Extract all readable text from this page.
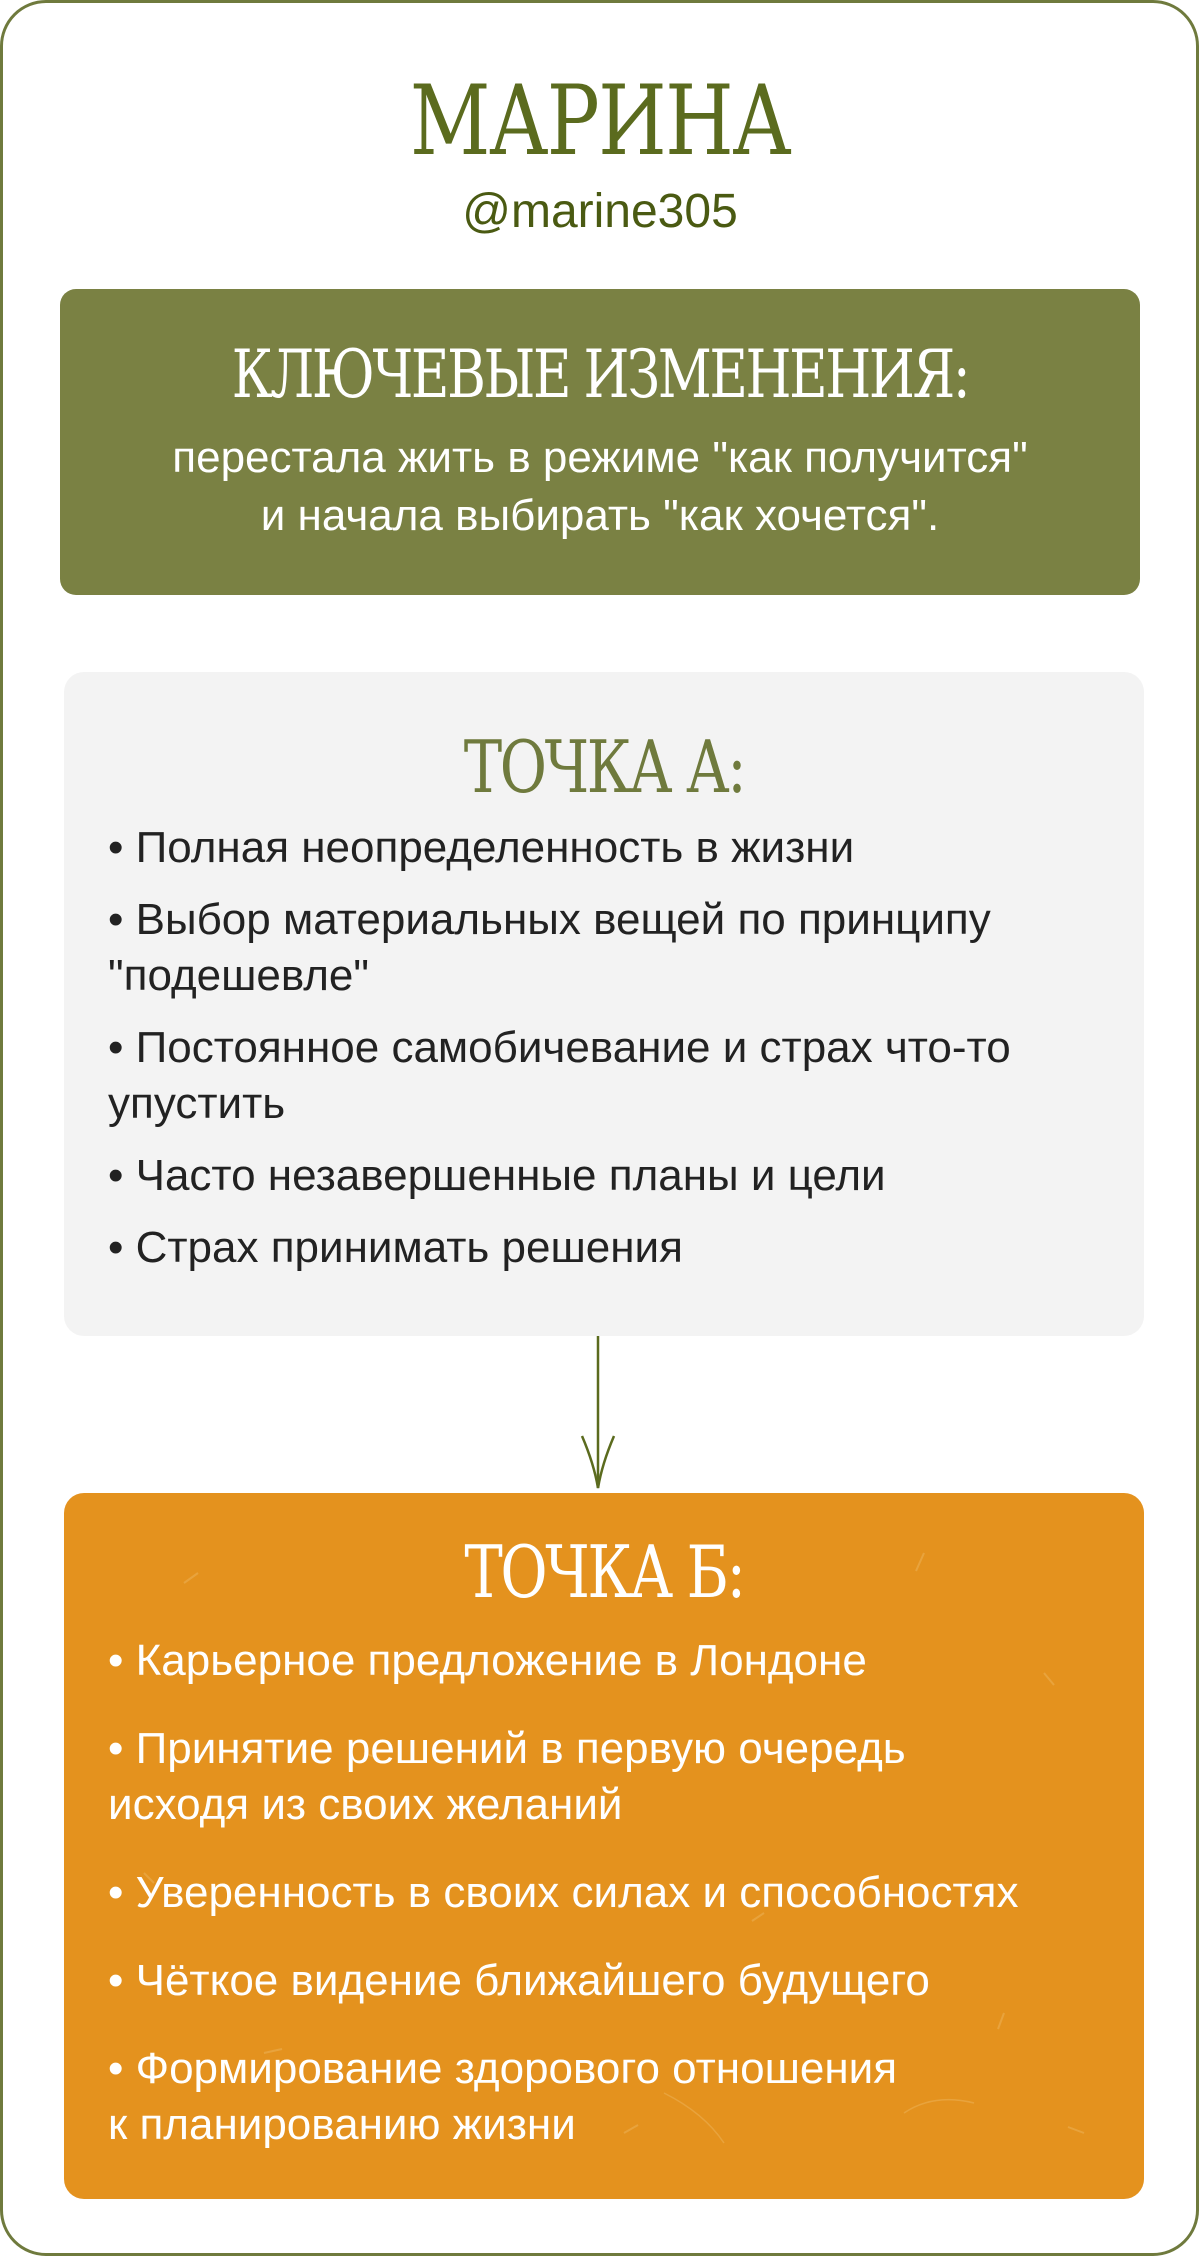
МАРИНА
@marine305
КЛЮЧЕВЫЕ ИЗМЕНЕНИЯ:
перестала жить в режиме "как получится"
и начала выбирать "как хочется".
ТОЧКА А:
• Полная неопределенность в жизни
• Выбор материальных вещей по принципу
"подешевле"
• Постоянное самобичевание и страх что-то
упустить
• Часто незавершенные планы и цели
• Страх принимать решения
ТОЧКА Б:
• Карьерное предложение в Лондоне
• Принятие решений в первую очередь
исходя из своих желаний
• Уверенность в своих силах и способностях
• Чёткое видение ближайшего будущего
• Формирование здорового отношения
к планированию жизни
